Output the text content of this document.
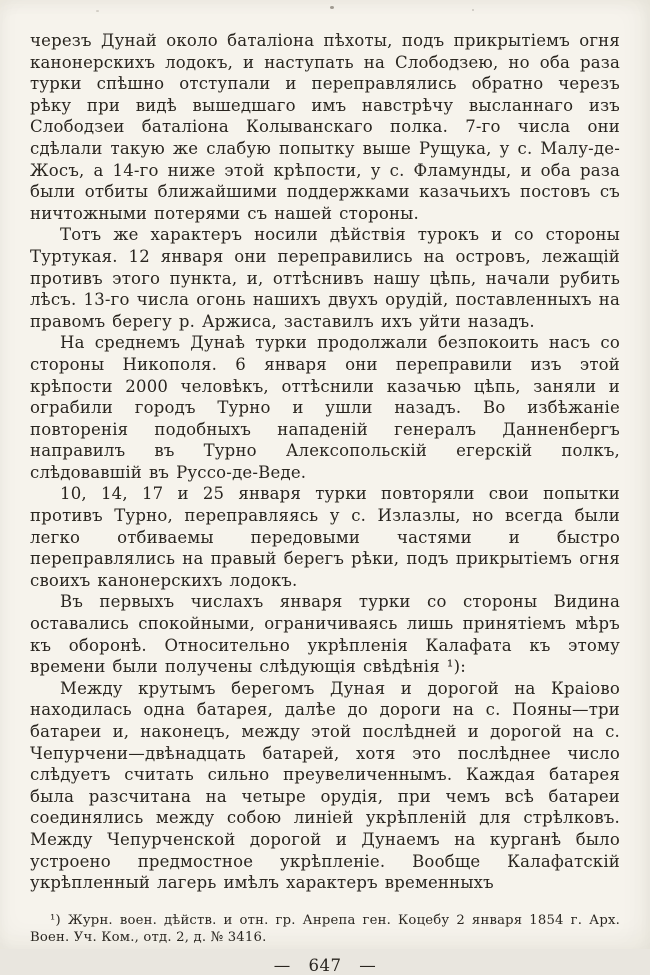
черезъ Дунай около баталіона пѣхоты, подъ прикрытіемъ огня канонерскихъ лодокъ, и наступать на Слободзею, но оба раза турки спѣшно отступали и переправлялись обратно черезъ рѣку при видѣ вышедшаго имъ навстрѣчу высланнаго изъ Слободзеи баталіона Колыванскаго полка. 7-го числа они сдѣлали такую же слабую попытку выше Рущука, у с. Малу-де-Жосъ, а 14-го ниже этой крѣпости, у с. Фламунды, и оба раза были отбиты ближайшими поддержками казачьихъ постовъ съ ничтожными потерями съ нашей стороны.

Тотъ же характеръ носили дѣйствія турокъ и со стороны Туртукая. 12 января они переправились на островъ, лежащій противъ этого пункта, и, оттѣснивъ нашу цѣпь, начали рубить лѣсъ. 13-го числа огонь нашихъ двухъ орудій, поставленныхъ на правомъ берегу р. Аржиса, заставилъ ихъ уйти назадъ.

На среднемъ Дунаѣ турки продолжали безпокоить насъ со стороны Никополя. 6 января они переправили изъ этой крѣпости 2000 человѣкъ, оттѣснили казачью цѣпь, заняли и ограбили городъ Турно и ушли назадъ. Во избѣжаніе повторенія подобныхъ нападеній генералъ Данненбергъ направилъ въ Турно Алексопольскій егерскій полкъ, слѣдовавшій въ Руссо-де-Веде.

10, 14, 17 и 25 января турки повторяли свои попытки противъ Турно, переправляясь у с. Излазлы, но всегда были легко отбиваемы передовыми частями и быстро переправлялись на правый берегъ рѣки, подъ прикрытіемъ огня своихъ канонерскихъ лодокъ.

Въ первыхъ числахъ января турки со стороны Видина оставались спокойными, ограничиваясь лишь принятіемъ мѣръ къ оборонѣ. Относительно укрѣпленія Калафата къ этому времени были получены слѣдующія свѣдѣнія ¹):

Между крутымъ берегомъ Дуная и дорогой на Краіово находилась одна батарея, далѣе до дороги на с. Пояны—три батареи и, наконецъ, между этой послѣдней и дорогой на с. Чепурчени—двѣнадцать батарей, хотя это послѣднее число слѣдуетъ считать сильно преувеличеннымъ. Каждая батарея была разсчитана на четыре орудія, при чемъ всѣ батареи соединялись между собою линіей укрѣпленій для стрѣлковъ. Между Чепурченской дорогой и Дунаемъ на курганѣ было устроено предмостное укрѣпленіе. Вообще Калафатскій укрѣпленный лагерь имѣлъ характеръ временныхъ

¹) Журн. воен. дѣйств. и отн. гр. Анрепа ген. Коцебу 2 января 1854 г. Арх. Воен. Уч. Ком., отд. 2, д. № 3416.
— 647 —
